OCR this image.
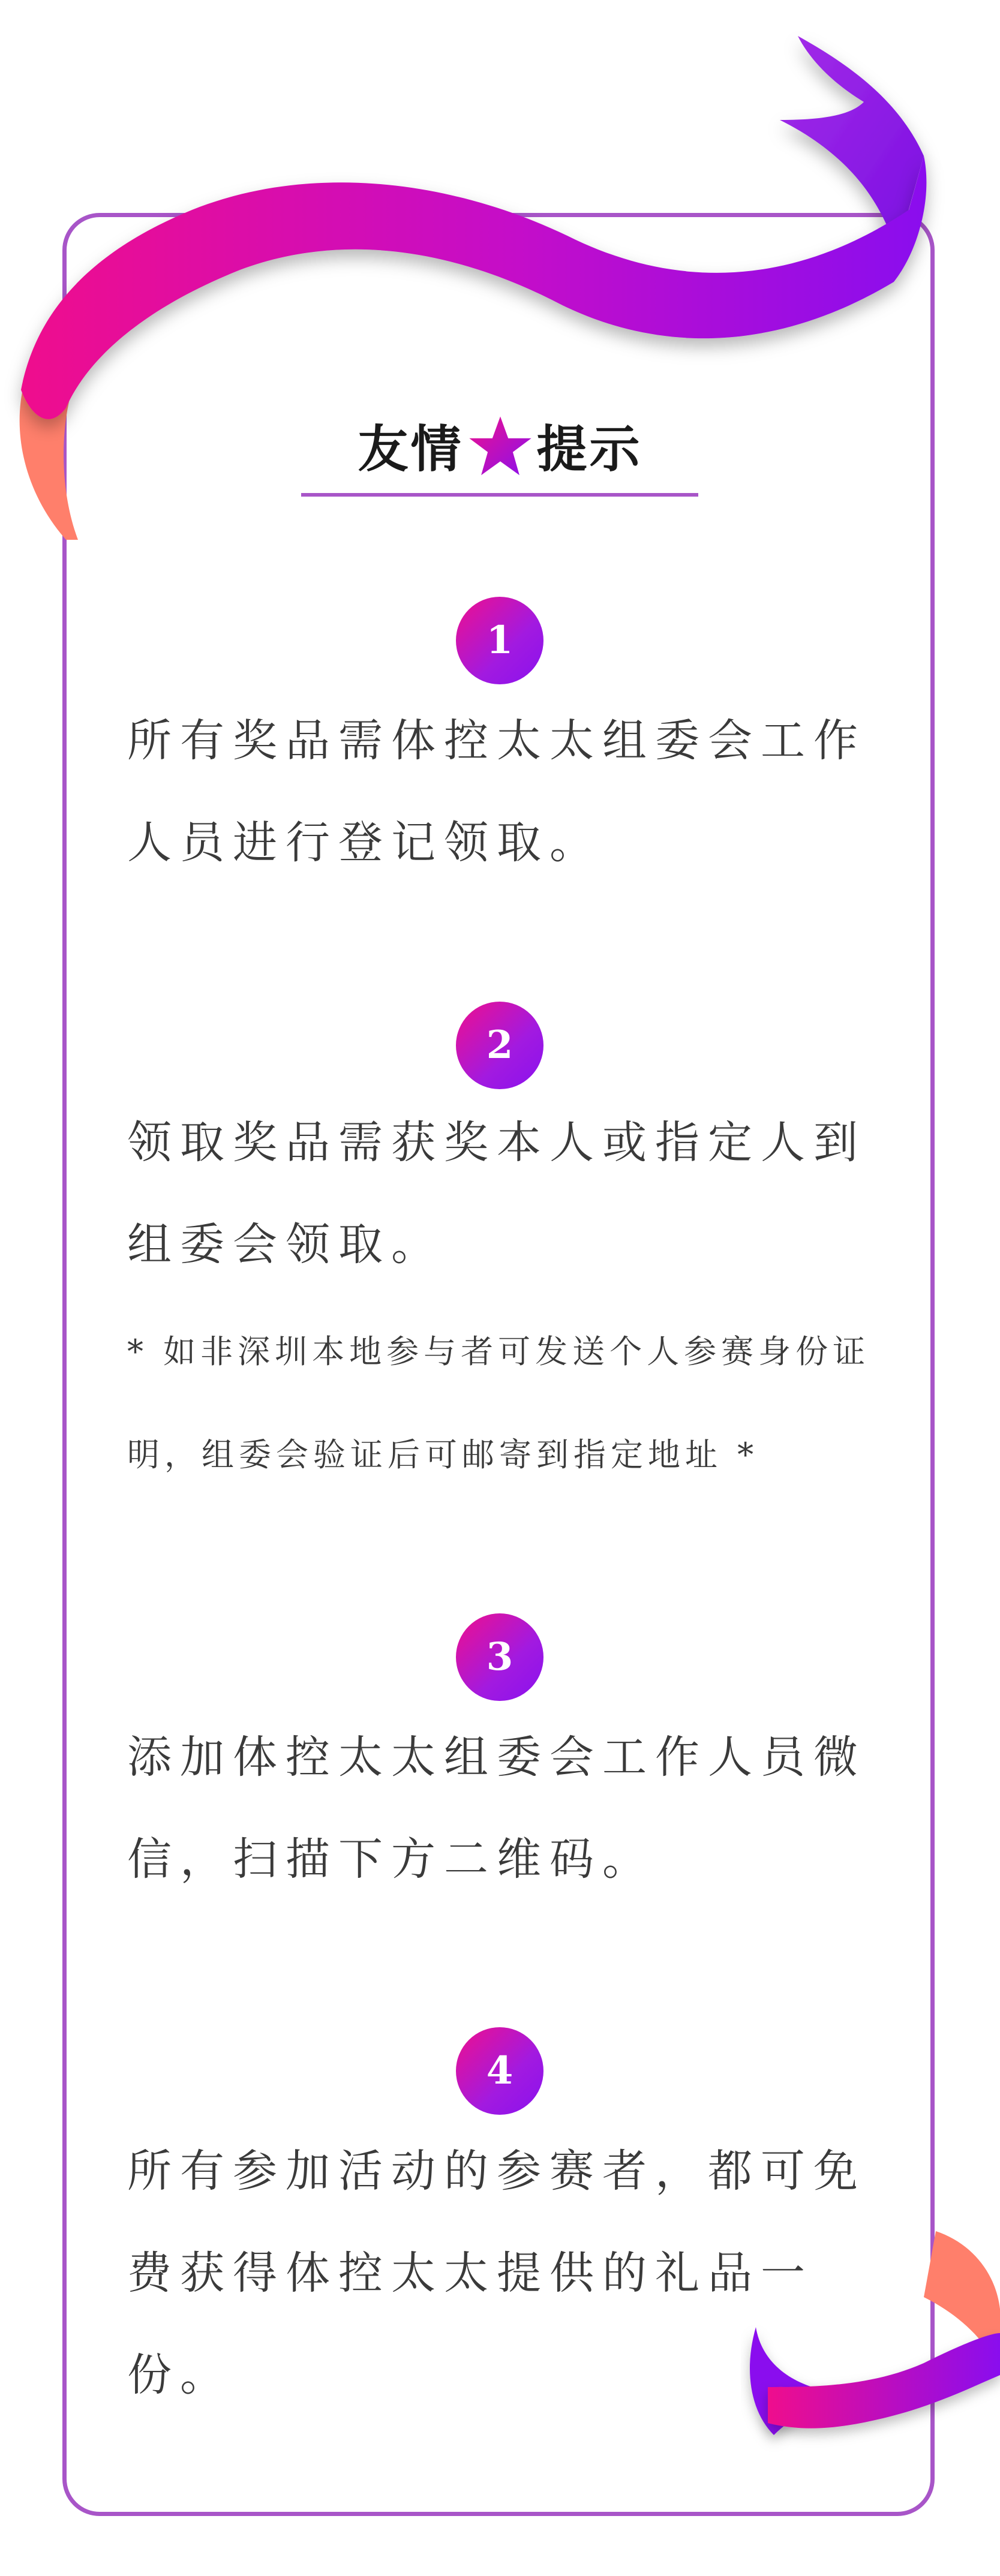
友情 提示
1
所有奖品需体控太太组委会工作人员进行登记领取。
2
领取奖品需获奖本人或指定人到组委会领取。
* 如非深圳本地参与者可发送个人参赛身份证明，组委会验证后可邮寄到指定地址 *
3
添加体控太太组委会工作人员微信，扫描下方二维码。
4
所有参加活动的参赛者，都可免费获得体控太太提供的礼品一份。
